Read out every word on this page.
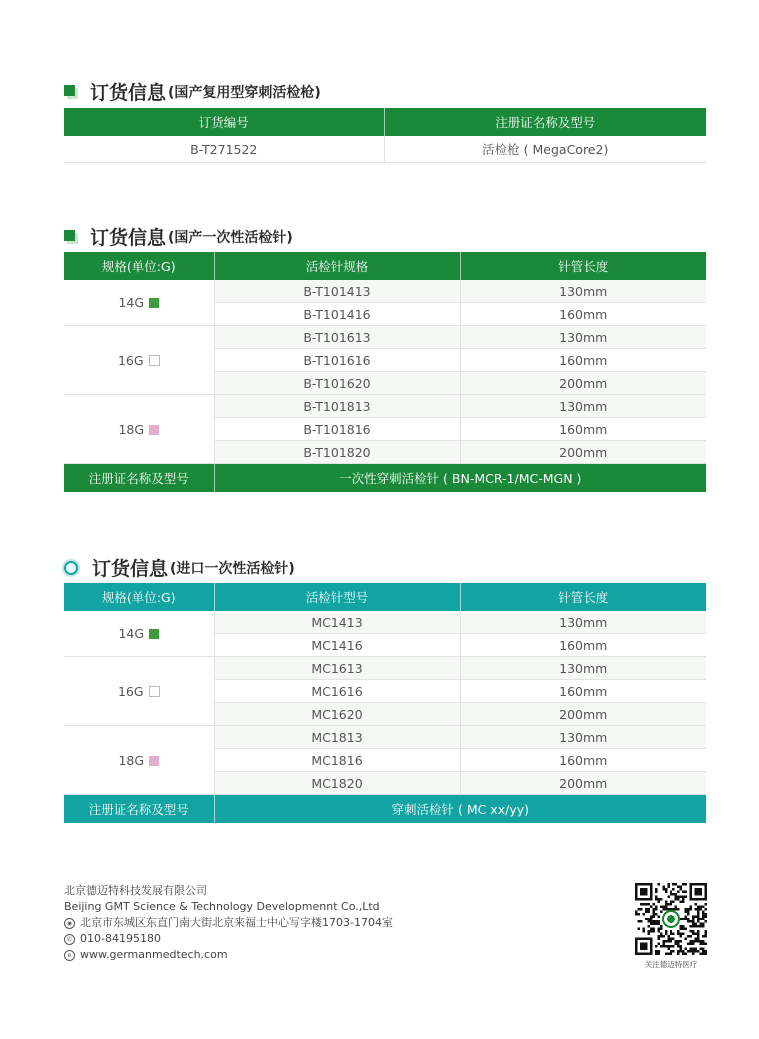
订货信息 (国产复用型穿刺活检枪)
订货编号	注册证名称及型号
B-T271522	活检枪 ( MegaCore2)
订货信息 (国产一次性活检针)
规格(单位:G)	活检针规格	针管长度
14G	B-T101413	130mm
	B-T101416	160mm
16G	B-T101613	130mm
	B-T101616	160mm
	B-T101620	200mm
18G	B-T101813	130mm
	B-T101816	160mm
	B-T101820	200mm
注册证名称及型号	一次性穿刺活检针 ( BN-MCR-1/MC-MGN )	
订货信息 (进口一次性活检针)
规格(单位:G)	活检针型号	针管长度
14G	MC1413	130mm
	MC1416	160mm
16G	MC1613	130mm
	MC1616	160mm
	MC1620	200mm
18G	MC1813	130mm
	MC1816	160mm
	MC1820	200mm
注册证名称及型号	穿刺活检针 ( MC xx/yy)	
北京德迈特科技发展有限公司
Beijing GMT Science & Technology Developmennt Co.,Ltd
◉ 北京市东城区东直门南大街北京来福士中心写字楼1703-1704室
✆ 010-84195180
e www.germanmedtech.com
关注德迈特医疗
